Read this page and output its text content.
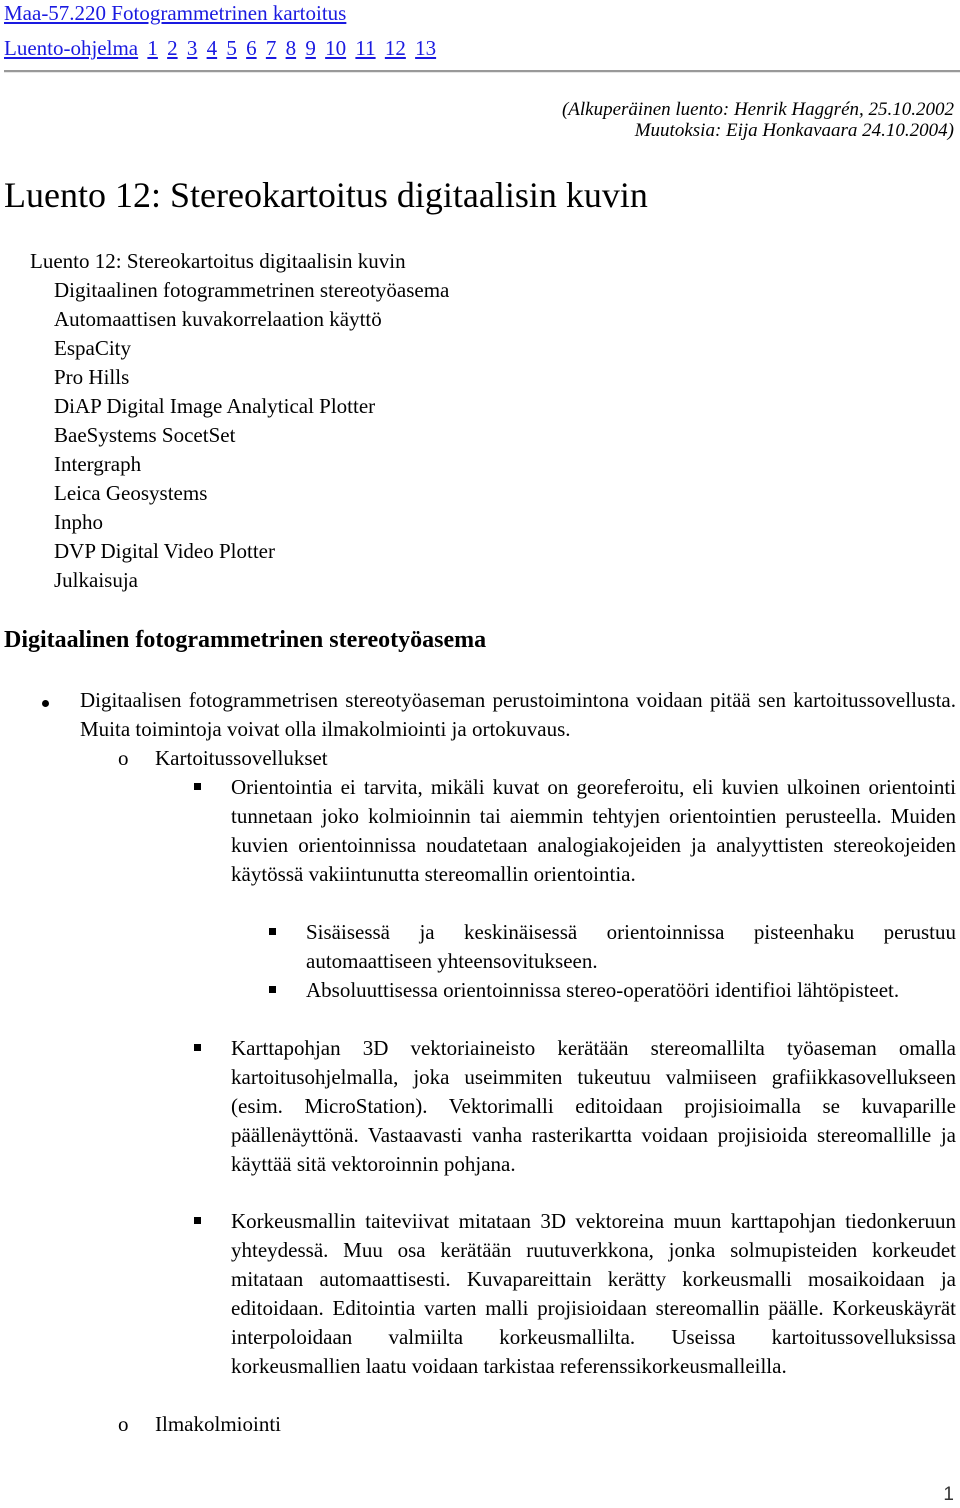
Maa-57.220 Fotogrammetrinen kartoitus
Luento-ohjelma 1 2 3 4 5 6 7 8 9 10 11 12 13
(Alkuperäinen luento: Henrik Haggrén, 25.10.2002
Muutoksia: Eija Honkavaara 24.10.2004)
Luento 12: Stereokartoitus digitaalisin kuvin
Luento 12: Stereokartoitus digitaalisin kuvin
Digitaalinen fotogrammetrinen stereotyöasema
Automaattisen kuvakorrelaation käyttö
EspaCity
Pro Hills
DiAP Digital Image Analytical Plotter
BaeSystems SocetSet
Intergraph
Leica Geosystems
Inpho
DVP Digital Video Plotter
Julkaisuja
Digitaalinen fotogrammetrinen stereotyöasema

Digitaalisen fotogrammetrisen stereotyöaseman perustoimintona voidaan pitää sen kartoitussovellusta. Muita toimintoja voivat olla ilmakolmiointi ja ortokuvaus.

o Kartoitussovellukset

Orientointia ei tarvita, mikäli kuvat on georeferoitu, eli kuvien ulkoinen orientointi tunnetaan joko kolmioinnin tai aiemmin tehtyjen orientointien perusteella. Muiden kuvien orientoinnissa noudatetaan analogiakojeiden ja analyyttisten stereokojeiden käytössä vakiintunutta stereomallin orientointia.

Sisäisessä ja keskinäisessä orientoinnissa pisteenhaku perustuu automaattiseen yhteensovitukseen.

Absoluuttisessa orientoinnissa stereo-operatööri identifioi lähtöpisteet.

Karttapohjan 3D vektoriaineisto kerätään stereomallilta työaseman omalla kartoitusohjelmalla, joka useimmiten tukeutuu valmiiseen grafiikkasovellukseen (esim. MicroStation). Vektorimalli editoidaan projisioimalla se kuvaparille päällenäyttönä. Vastaavasti vanha rasterikartta voidaan projisioida stereomallille ja käyttää sitä vektoroinnin pohjana.

Korkeusmallin taiteviivat mitataan 3D vektoreina muun karttapohjan tiedonkeruun yhteydessä. Muu osa kerätään ruutuverkkona, jonka solmupisteiden korkeudet mitataan automaattisesti. Kuvapareittain kerätty korkeusmalli mosaikoidaan ja editoidaan. Editointia varten malli projisioidaan stereomallin päälle. Korkeuskäyrät interpoloidaan valmiilta korkeusmallilta. Useissa kartoitussovelluksissa korkeusmallien laatu voidaan tarkistaa referenssikorkeusmalleilla.

o Ilmakolmiointi
1
